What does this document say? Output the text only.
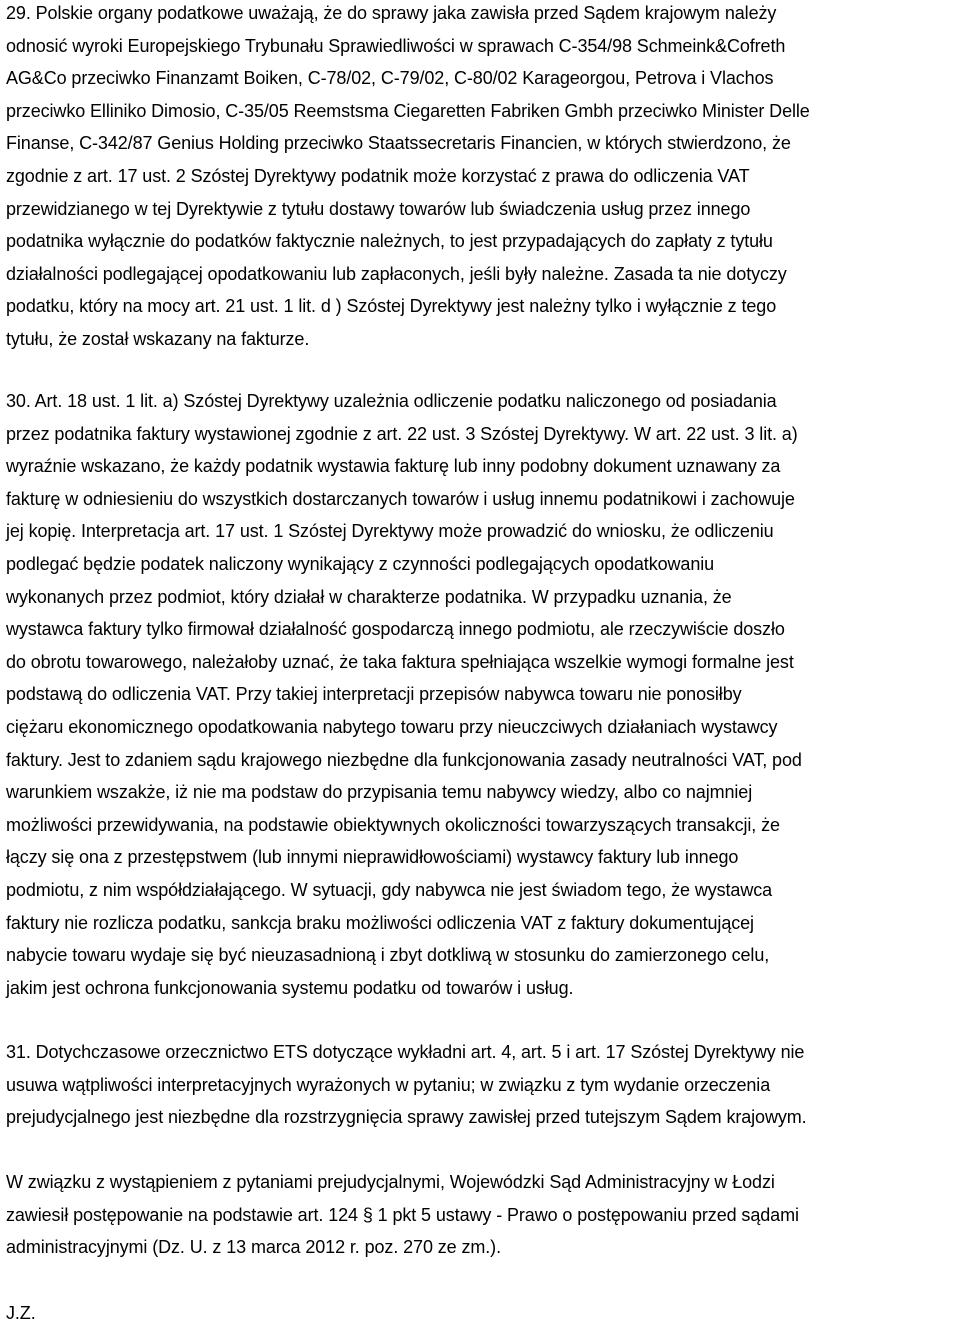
29. Polskie organy podatkowe uważają, że do sprawy jaka zawisła przed Sądem krajowym należy
odnosić wyroki Europejskiego Trybunału Sprawiedliwości w sprawach C-354/98 Schmeink&Cofreth
AG&Co przeciwko Finanzamt Boiken, C-78/02, C-79/02, C-80/02 Karageorgou, Petrova i Vlachos
przeciwko Elliniko Dimosio, C-35/05 Reemstsma Ciegaretten Fabriken Gmbh przeciwko Minister Delle
Finanse, C-342/87 Genius Holding przeciwko Staatssecretaris Financien, w których stwierdzono, że
zgodnie z art. 17 ust. 2 Szóstej Dyrektywy podatnik może korzystać z prawa do odliczenia VAT
przewidzianego w tej Dyrektywie z tytułu dostawy towarów lub świadczenia usług przez innego
podatnika wyłącznie do podatków faktycznie należnych, to jest przypadających do zapłaty z tytułu
działalności podlegającej opodatkowaniu lub zapłaconych, jeśli były należne. Zasada ta nie dotyczy
podatku, który na mocy art. 21 ust. 1 lit. d ) Szóstej Dyrektywy jest należny tylko i wyłącznie z tego
tytułu, że został wskazany na fakturze.
30. Art. 18 ust. 1 lit. a) Szóstej Dyrektywy uzależnia odliczenie podatku naliczonego od posiadania
przez podatnika faktury wystawionej zgodnie z art. 22 ust. 3 Szóstej Dyrektywy. W art. 22 ust. 3 lit. a)
wyraźnie wskazano, że każdy podatnik wystawia fakturę lub inny podobny dokument uznawany za
fakturę w odniesieniu do wszystkich dostarczanych towarów i usług innemu podatnikowi i zachowuje
jej kopię. Interpretacja art. 17 ust. 1 Szóstej Dyrektywy może prowadzić do wniosku, że odliczeniu
podlegać będzie podatek naliczony wynikający z czynności podlegających opodatkowaniu
wykonanych przez podmiot, który działał w charakterze podatnika. W przypadku uznania, że
wystawca faktury tylko firmował działalność gospodarczą innego podmiotu, ale rzeczywiście doszło
do obrotu towarowego, należałoby uznać, że taka faktura spełniająca wszelkie wymogi formalne jest
podstawą do odliczenia VAT. Przy takiej interpretacji przepisów nabywca towaru nie ponosiłby
ciężaru ekonomicznego opodatkowania nabytego towaru przy nieuczciwych działaniach wystawcy
faktury. Jest to zdaniem sądu krajowego niezbędne dla funkcjonowania zasady neutralności VAT, pod
warunkiem wszakże, iż nie ma podstaw do przypisania temu nabywcy wiedzy, albo co najmniej
możliwości przewidywania, na podstawie obiektywnych okoliczności towarzyszących transakcji, że
łączy się ona z przestępstwem (lub innymi nieprawidłowościami) wystawcy faktury lub innego
podmiotu, z nim współdziałającego. W sytuacji, gdy nabywca nie jest świadom tego, że wystawca
faktury nie rozlicza podatku, sankcja braku możliwości odliczenia VAT z faktury dokumentującej
nabycie towaru wydaje się być nieuzasadnioną i zbyt dotkliwą w stosunku do zamierzonego celu,
jakim jest ochrona funkcjonowania systemu podatku od towarów i usług.
31. Dotychczasowe orzecznictwo ETS dotyczące wykładni art. 4, art. 5 i art. 17 Szóstej Dyrektywy nie
usuwa wątpliwości interpretacyjnych wyrażonych w pytaniu; w związku z tym wydanie orzeczenia
prejudycjalnego jest niezbędne dla rozstrzygnięcia sprawy zawisłej przed tutejszym Sądem krajowym.
W związku z wystąpieniem z pytaniami prejudycjalnymi, Wojewódzki Sąd Administracyjny w Łodzi
zawiesił postępowanie na podstawie art. 124 § 1 pkt 5 ustawy - Prawo o postępowaniu przed sądami
administracyjnymi (Dz. U. z 13 marca 2012 r. poz. 270 ze zm.).
J.Z.
